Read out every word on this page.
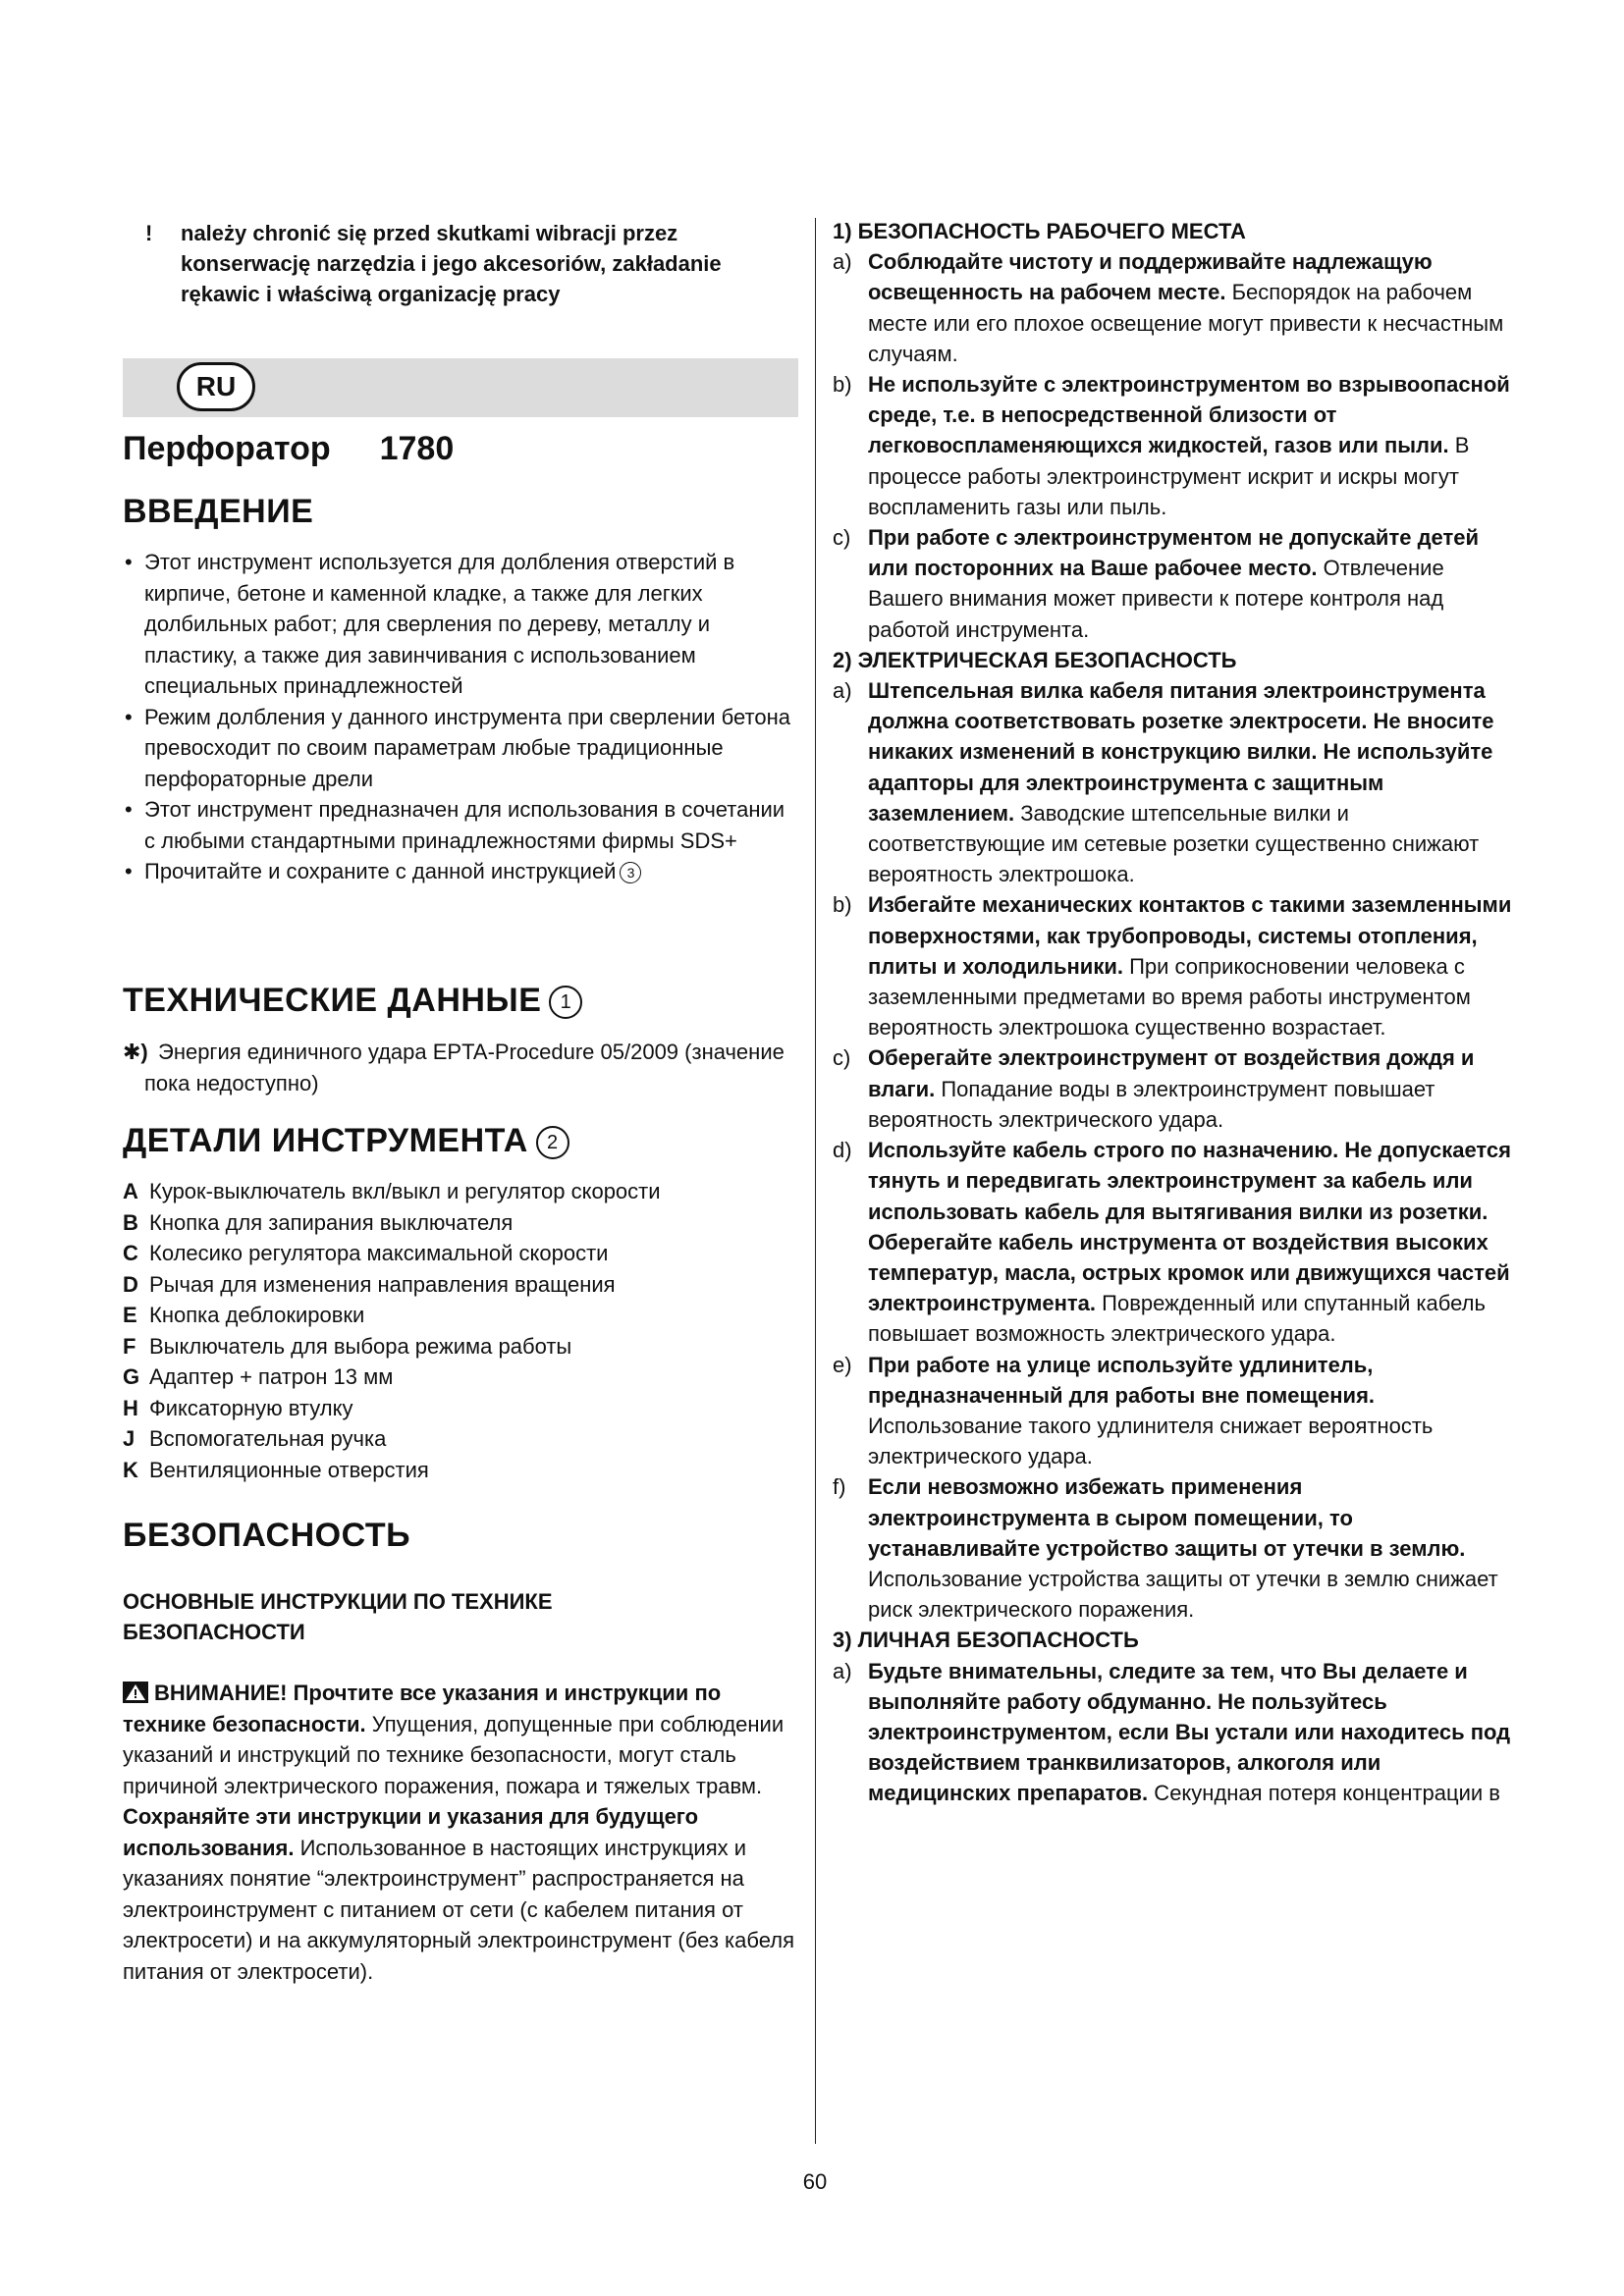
! należy chronić się przed skutkami wibracji przez konserwację narzędzia i jego akcesoriów, zakładanie rękawic i właściwą organizację pracy
RU
Перфоратор 1780
ВВЕДЕНИЕ
• Этот инструмент используется для долбления отверстий в кирпиче, бетоне и каменной кладке, а также для легких долбильных работ; для сверления по дереву, металлу и пластику, а также дия завинчивания с использованием специальных принадлежностей
• Режим долбления у данного инструмента при сверлении бетона превосходит по своим параметрам любые традиционные перфораторные дрели
• Этот инструмент предназначен для использования в сочетании с любыми стандартными принадлежностями фирмы SDS+
• Прочитайте и сохраните с данной инструкцией 3
ТЕХНИЧЕСКИЕ ДАННЫЕ 1
✱) Энергия единичного удара EPTA-Procedure 05/2009 (значение пока недоступно)
ДЕТАЛИ ИНСТРУМЕНТА 2
A Курок-выключатель вкл/выкл и регулятор скорости
B Кнопка для запирания выключателя
C Колесико регулятора максимальной скорости
D Рычая для изменения направления вращения
E Кнопка деблокировки
F Выключатель для выбора режима работы
G Адаптер + патрон 13 мм
H Фиксаторную втулку
J Вспомогательная ручка
K Вентиляционные отверстия
БЕЗОПАСНОСТЬ
ОСНОВНЫЕ ИНСТРУКЦИИ ПО ТЕХНИКЕ БЕЗОПАСНОСТИ
ВНИМАНИЕ! Прочтите все указания и инструкции по технике безопасности. Упущения, допущенные при соблюдении указаний и инструкций по технике безопасности, могут сталь причиной электрического поражения, пожара и тяжелых травм.
Сохраняйте эти инструкции и указания для будущего использования. Использованное в настоящих инструкциях и указаниях понятие “электроинструмент” распространяется на электроинструмент с питанием от сети (с кабелем питания от электросети) и на аккумуляторный электроинструмент (без кабеля питания от электросети).
1) БЕЗОПАСНОСТЬ РАБОЧЕГО МЕСТА
a) Соблюдайте чистоту и поддерживайте надлежащую освещенность на рабочем месте. Беспорядок на рабочем месте или его плохое освещение могут привести к несчастным случаям.
b) Не используйте с электроинструментом во взрывоопасной среде, т.е. в непосредственной близости от легковоспламеняющихся жидкостей, газов или пыли. В процессе работы электроинструмент искрит и искры могут воспламенить газы или пыль.
c) При работе с электроинструментом не допускайте детей или посторонних на Ваше рабочее место. Отвлечение Вашего внимания может привести к потере контроля над работой инструмента.
2) ЭЛЕКТРИЧЕСКАЯ БЕЗОПАСНОСТЬ
a) Штепсельная вилка кабеля питания электроинструмента должна соответствовать розетке электросети. Не вносите никаких изменений в конструкцию вилки. Не используйте адапторы для электроинструмента с защитным заземлением. Заводские штепсельные вилки и соответствующие им сетевые розетки существенно снижают вероятность электрошока.
b) Избегайте механических контактов с такими заземленными поверхностями, как трубопроводы, системы отопления, плиты и холодильники. При соприкосновении человека с заземленными предметами во время работы инструментом вероятность электрошока существенно возрастает.
c) Оберегайте электроинструмент от воздействия дождя и влаги. Попадание воды в электроинструмент повышает вероятность электрического удара.
d) Используйте кабель строго по назначению. Не допускается тянуть и передвигать электроинструмент за кабель или использовать кабель для вытягивания вилки из розетки. Оберегайте кабель инструмента от воздействия высоких температур, масла, острых кромок или движущихся частей электроинструмента. Поврежденный или спутанный кабель повышает возможность электрического удара.
e) При работе на улице используйте удлинитель, предназначенный для работы вне помещения. Использование такого удлинителя снижает вероятность электрического удара.
f) Если невозможно избежать применения электроинструмента в сыром помещении, то устанавливайте устройство защиты от утечки в землю. Использование устройства защиты от утечки в землю снижает риск электрического поражения.
3) ЛИЧНАЯ БЕЗОПАСНОСТЬ
a) Будьте внимательны, следите за тем, что Вы делаете и выполняйте работу обдуманно. Не пользуйтесь электроинструментом, если Вы устали или находитесь под воздействием транквилизаторов, алкоголя или медицинских препаратов. Секундная потеря концентрации в
60
